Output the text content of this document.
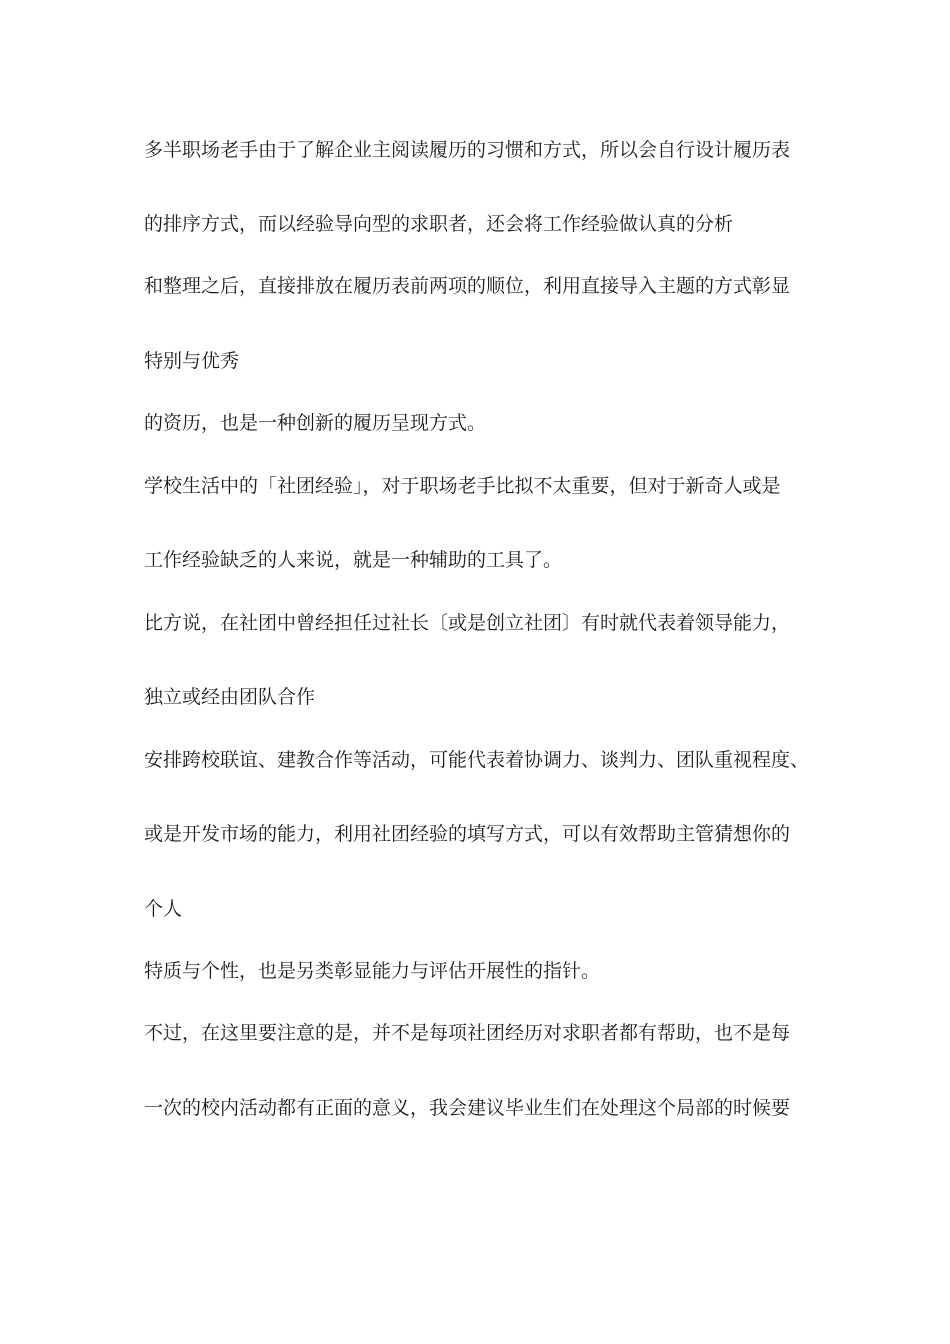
多半职场老手由于了解企业主阅读履历的习惯和方式，所以会自行设计履历表
的排序方式，而以经验导向型的求职者，还会将工作经验做认真的分析
和整理之后，直接排放在履历表前两项的顺位，利用直接导入主题的方式彰显
特别与优秀
的资历，也是一种创新的履历呈现方式。
学校生活中的「社团经验」，对于职场老手比拟不太重要，但对于新奇人或是
工作经验缺乏的人来说，就是一种辅助的工具了。
比方说，在社团中曾经担任过社长〔或是创立社团〕有时就代表着领导能力，
独立或经由团队合作
安排跨校联谊、建教合作等活动，可能代表着协调力、谈判力、团队重视程度、
或是开发市场的能力，利用社团经验的填写方式，可以有效帮助主管猜想你的
个人
特质与个性，也是另类彰显能力与评估开展性的指针。
不过，在这里要注意的是，并不是每项社团经历对求职者都有帮助，也不是每
一次的校内活动都有正面的意义，我会建议毕业生们在处理这个局部的时候要
